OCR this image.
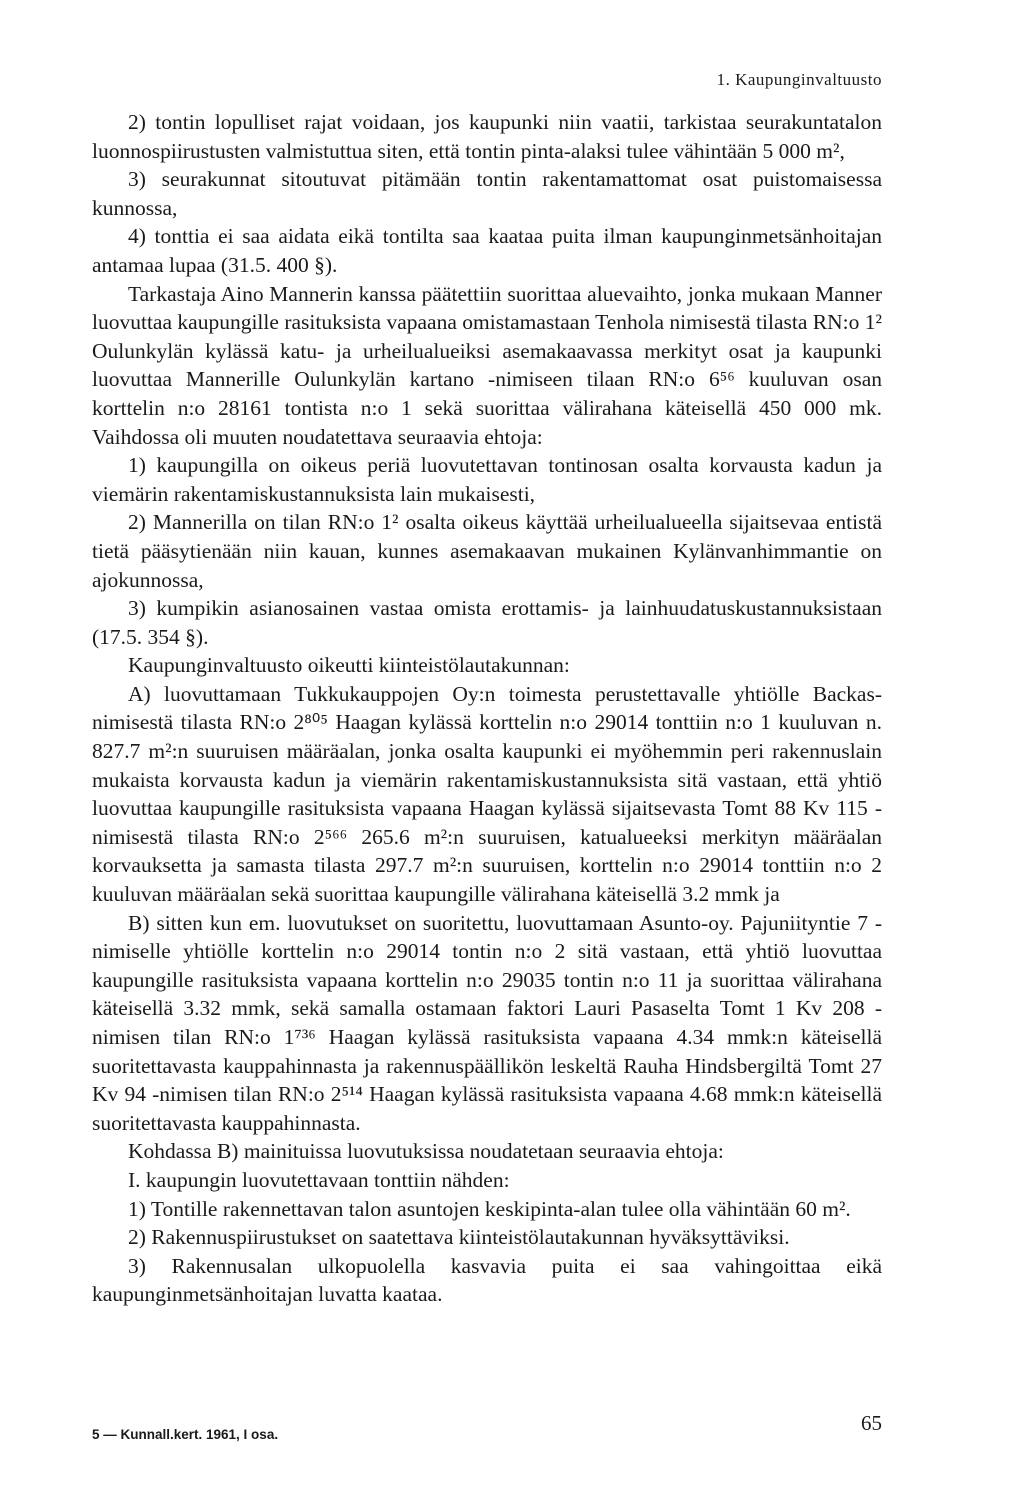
1. Kaupunginvaltuusto

2) tontin lopulliset rajat voidaan, jos kaupunki niin vaatii, tarkistaa seurakuntatalon luonnospiirustusten valmistuttua siten, että tontin pinta-alaksi tulee vähintään 5 000 m²,

3) seurakunnat sitoutuvat pitämään tontin rakentamattomat osat puistomaisessa kunnossa,

4) tonttia ei saa aidata eikä tontilta saa kaataa puita ilman kaupunginmetsänhoitajan antamaa lupaa (31.5. 400 §).

Tarkastaja Aino Mannerin kanssa päätettiin suorittaa aluevaihto, jonka mukaan Manner luovuttaa kaupungille rasituksista vapaana omistamastaan Tenhola nimisestä tilasta RN:o 1² Oulunkylän kylässä katu- ja urheilualueiksi asemakaavassa merkityt osat ja kaupunki luovuttaa Mannerille Oulunkylän kartano -nimiseen tilaan RN:o 6⁵⁶ kuuluvan osan korttelin n:o 28161 tontista n:o 1 sekä suorittaa välirahana käteisellä 450 000 mk. Vaihdossa oli muuten noudatettava seuraavia ehtoja:

1) kaupungilla on oikeus periä luovutettavan tontinosan osalta korvausta kadun ja viemärin rakentamiskustannuksista lain mukaisesti,

2) Mannerilla on tilan RN:o 1² osalta oikeus käyttää urheilualueella sijaitsevaa entistä tietä pääsytienään niin kauan, kunnes asemakaavan mukainen Kylänvanhimmantie on ajokunnossa,

3) kumpikin asianosainen vastaa omista erottamis- ja lainhuudatuskustannuksistaan (17.5. 354 §).

Kaupunginvaltuusto oikeutti kiinteistölautakunnan:

A) luovuttamaan Tukkukauppojen Oy:n toimesta perustettavalle yhtiölle Backas-nimisestä tilasta RN:o 2⁸⁰⁵ Haagan kylässä korttelin n:o 29014 tonttiin n:o 1 kuuluvan n. 827.7 m²:n suuruisen määräalan, jonka osalta kaupunki ei myöhemmin peri rakennuslain mukaista korvausta kadun ja viemärin rakentamiskustannuksista sitä vastaan, että yhtiö luovuttaa kaupungille rasituksista vapaana Haagan kylässä sijaitsevasta Tomt 88 Kv 115 -nimisestä tilasta RN:o 2⁵⁶⁶ 265.6 m²:n suuruisen, katualueeksi merkityn määräalan korvauksetta ja samasta tilasta 297.7 m²:n suuruisen, korttelin n:o 29014 tonttiin n:o 2 kuuluvan määräalan sekä suorittaa kaupungille välirahana käteisellä 3.2 mmk ja

B) sitten kun em. luovutukset on suoritettu, luovuttamaan Asunto-oy. Pajuniityntie 7 -nimiselle yhtiölle korttelin n:o 29014 tontin n:o 2 sitä vastaan, että yhtiö luovuttaa kaupungille rasituksista vapaana korttelin n:o 29035 tontin n:o 11 ja suorittaa välirahana käteisellä 3.32 mmk, sekä samalla ostamaan faktori Lauri Pasaselta Tomt 1 Kv 208 -nimisen tilan RN:o 1⁷³⁶ Haagan kylässä rasituksista vapaana 4.34 mmk:n käteisellä suoritettavasta kauppahinnasta ja rakennuspäällikön leskeltä Rauha Hindsbergiltä Tomt 27 Kv 94 -nimisen tilan RN:o 2⁵¹⁴ Haagan kylässä rasituksista vapaana 4.68 mmk:n käteisellä suoritettavasta kauppahinnasta.

Kohdassa B) mainituissa luovutuksissa noudatetaan seuraavia ehtoja:

I. kaupungin luovutettavaan tonttiin nähden:

1) Tontille rakennettavan talon asuntojen keskipinta-alan tulee olla vähintään 60 m².

2) Rakennuspiirustukset on saatettava kiinteistölautakunnan hyväksyttäviksi.

3) Rakennusalan ulkopuolella kasvavia puita ei saa vahingoittaa eikä kaupunginmetsänhoitajan luvatta kaataa.

5 — Kunnall.kert. 1961, I osa.	65
